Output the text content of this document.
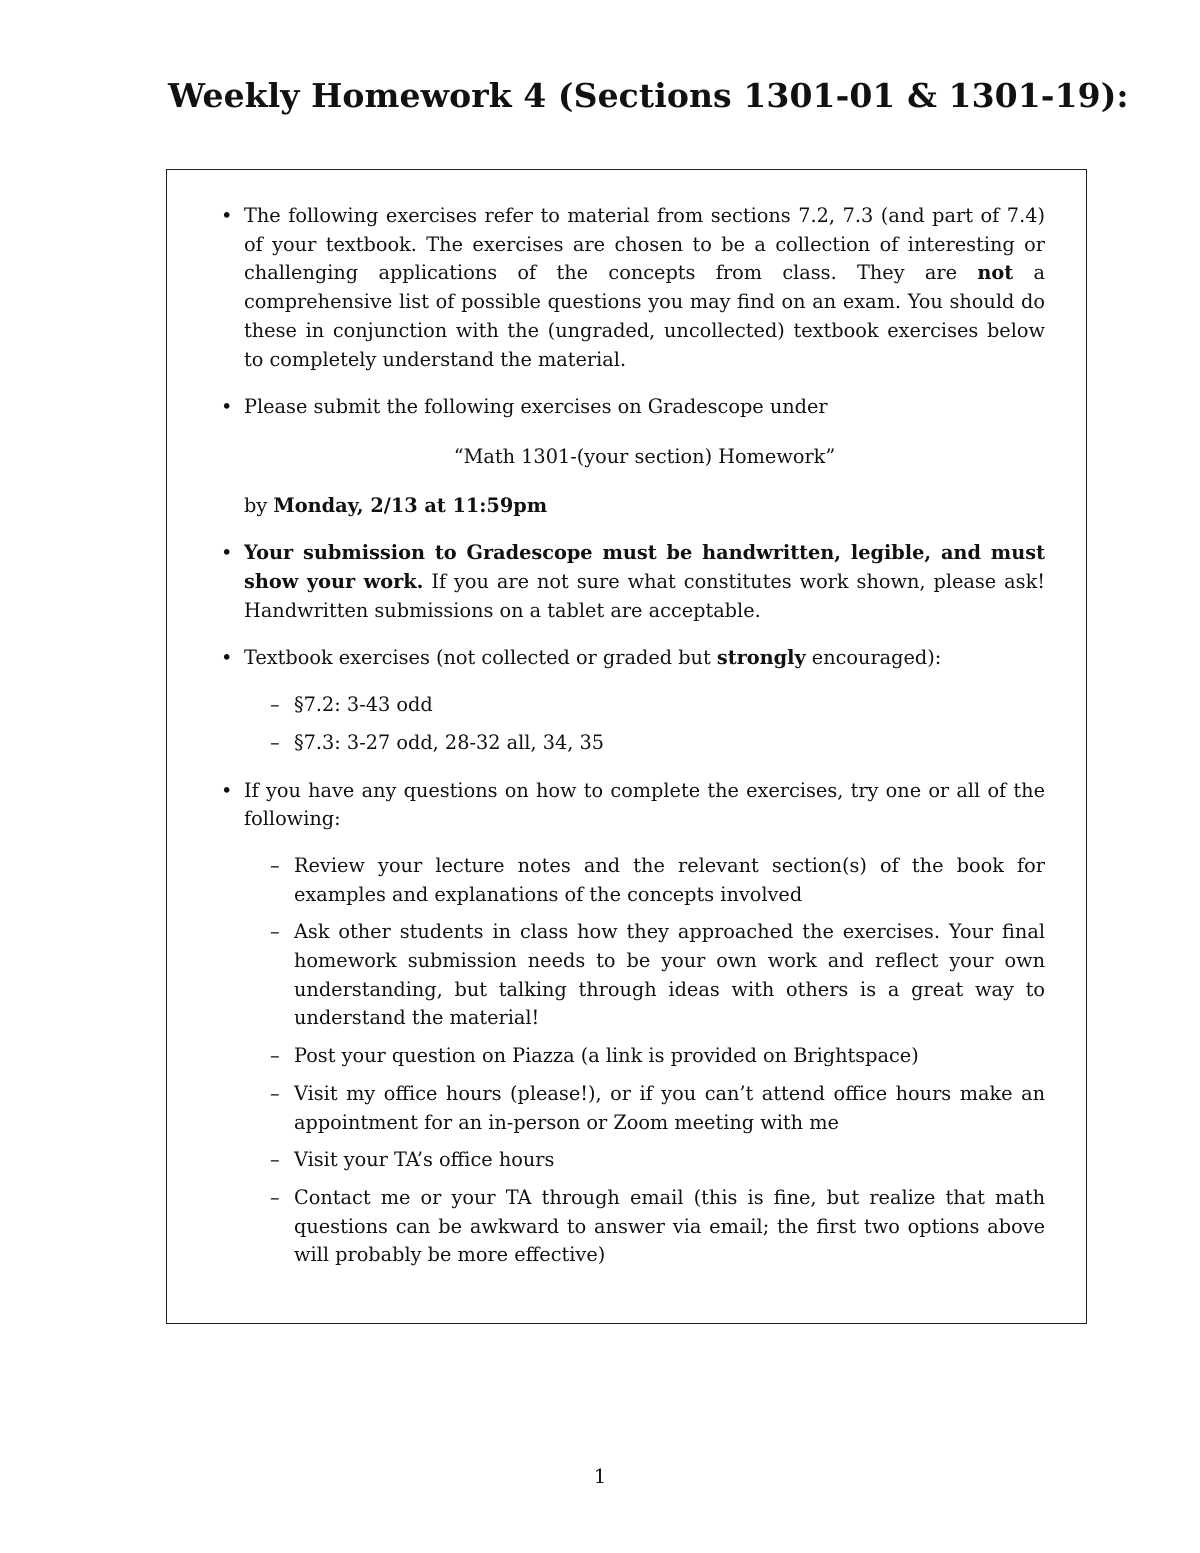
Weekly Homework 4 (Sections 1301-01 & 1301-19):
• The following exercises refer to material from sections 7.2, 7.3 (and part of 7.4) of your textbook. The exercises are chosen to be a collection of interesting or challenging applications of the concepts from class. They are not a comprehensive list of possible questions you may find on an exam. You should do these in conjunction with the (ungraded, uncollected) textbook exercises below to completely understand the material.

• Please submit the following exercises on Gradescope under

“Math 1301-(your section) Homework”

by Monday, 2/13 at 11:59pm

• Your submission to Gradescope must be handwritten, legible, and must show your work. If you are not sure what constitutes work shown, please ask! Handwritten submissions on a tablet are acceptable.

• Textbook exercises (not collected or graded but strongly encouraged):

– §7.2: 3-43 odd
– §7.3: 3-27 odd, 28-32 all, 34, 35
• If you have any questions on how to complete the exercises, try one or all of the following:

– Review your lecture notes and the relevant section(s) of the book for examples and explanations of the concepts involved
– Ask other students in class how they approached the exercises. Your final homework submission needs to be your own work and reflect your own understanding, but talking through ideas with others is a great way to understand the material!
– Post your question on Piazza (a link is provided on Brightspace)
– Visit my office hours (please!), or if you can’t attend office hours make an appointment for an in-person or Zoom meeting with me
– Visit your TA’s office hours
– Contact me or your TA through email (this is fine, but realize that math questions can be awkward to answer via email; the first two options above will probably be more effective)
1
